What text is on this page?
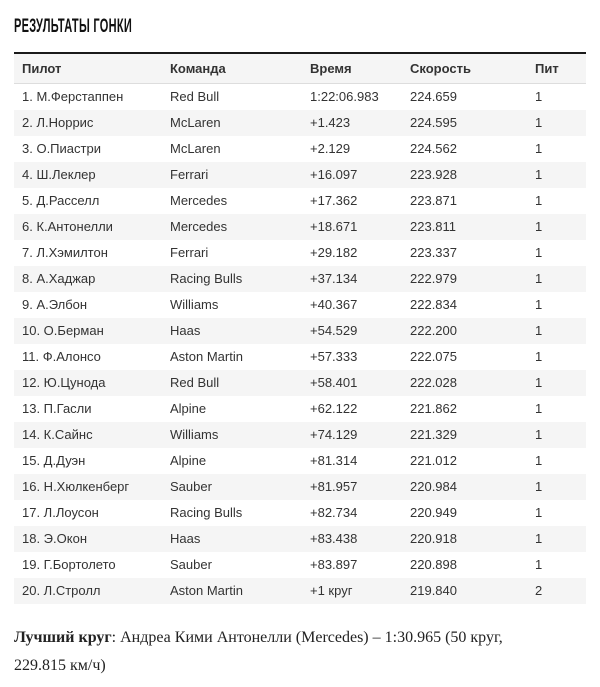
РЕЗУЛЬТАТЫ ГОНКИ
Пилот	Команда	Время	Скорость	Пит
1. М.Ферстаппен	Red Bull	1:22:06.983	224.659	1
2. Л.Норрис	McLaren	+1.423	224.595	1
3. О.Пиастри	McLaren	+2.129	224.562	1
4. Ш.Леклер	Ferrari	+16.097	223.928	1
5. Д.Расселл	Mercedes	+17.362	223.871	1
6. К.Антонелли	Mercedes	+18.671	223.811	1
7. Л.Хэмилтон	Ferrari	+29.182	223.337	1
8. А.Хаджар	Racing Bulls	+37.134	222.979	1
9. А.Элбон	Williams	+40.367	222.834	1
10. О.Берман	Haas	+54.529	222.200	1
11. Ф.Алонсо	Aston Martin	+57.333	222.075	1
12. Ю.Цунода	Red Bull	+58.401	222.028	1
13. П.Гасли	Alpine	+62.122	221.862	1
14. К.Сайнс	Williams	+74.129	221.329	1
15. Д.Дуэн	Alpine	+81.314	221.012	1
16. Н.Хюлкенберг	Sauber	+81.957	220.984	1
17. Л.Лоусон	Racing Bulls	+82.734	220.949	1
18. Э.Окон	Haas	+83.438	220.918	1
19. Г.Бортолето	Sauber	+83.897	220.898	1
20. Л.Стролл	Aston Martin	+1 круг	219.840	2

Лучший круг: Андреа Кими Антонелли (Mercedes) – 1:30.965 (50 круг, 229.815 км/ч)
